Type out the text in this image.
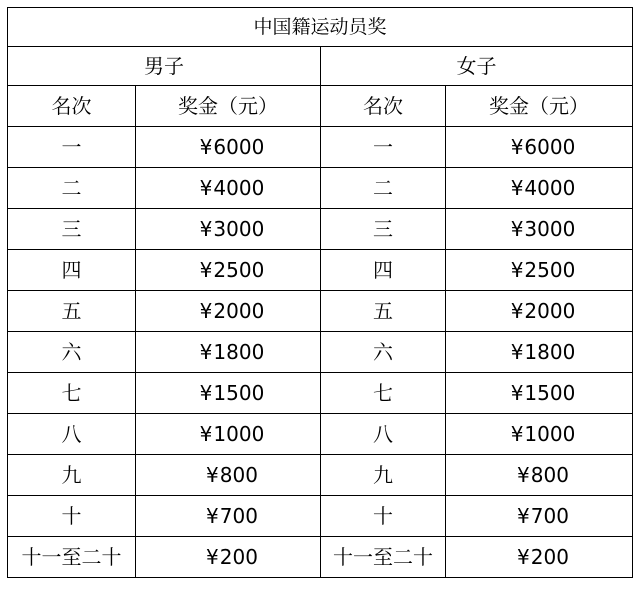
中国籍运动员奖			
男子		女子	
名次	奖金（元）	名次	奖金（元）
一	¥6000	一	¥6000
二	¥4000	二	¥4000
三	¥3000	三	¥3000
四	¥2500	四	¥2500
五	¥2000	五	¥2000
六	¥1800	六	¥1800
七	¥1500	七	¥1500
八	¥1000	八	¥1000
九	¥800	九	¥800
十	¥700	十	¥700
十一至二十	¥200	十一至二十	¥200
